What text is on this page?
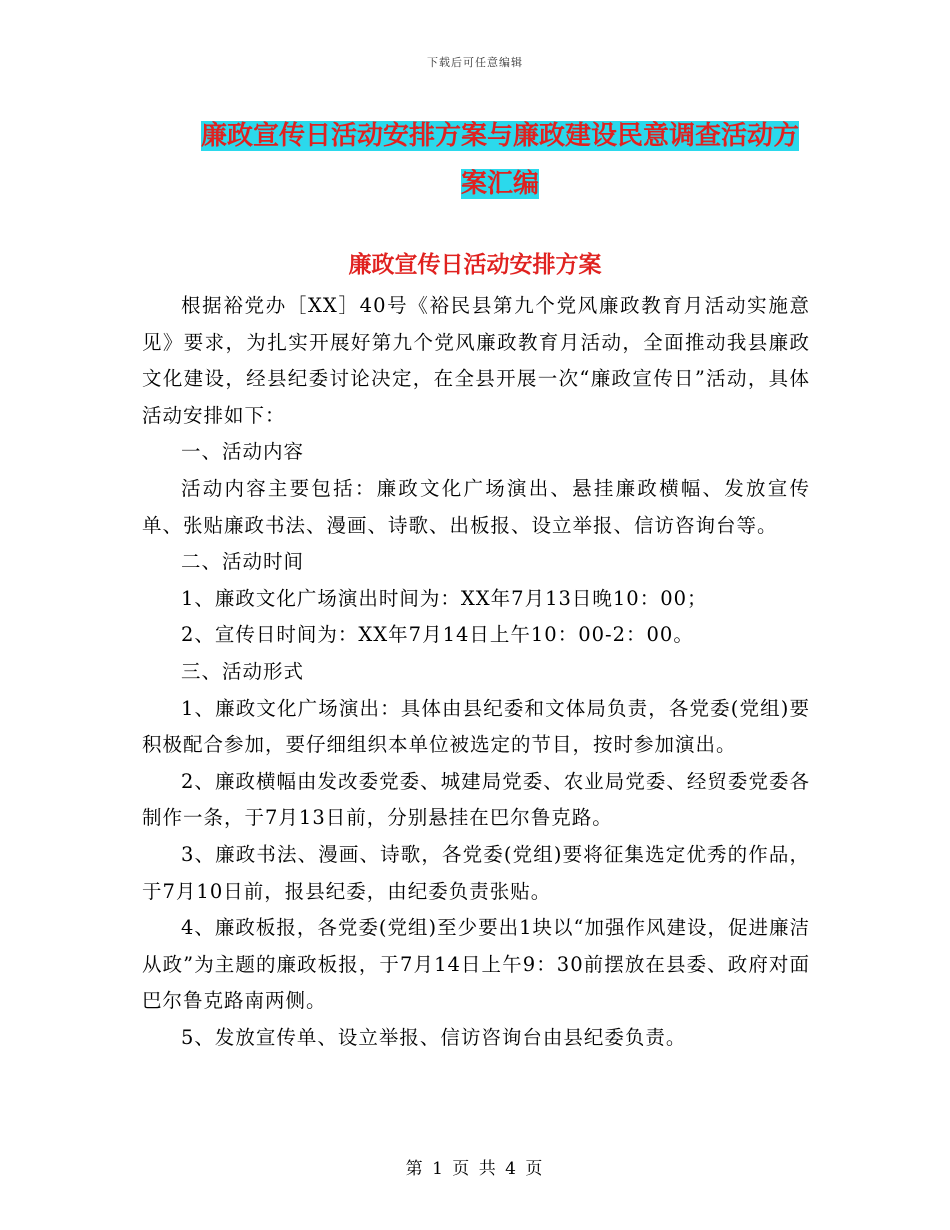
下载后可任意编辑
廉政宣传日活动安排方案与廉政建设民意调查活动方
案汇编
廉政宣传日活动安排方案

根据裕党办［XX］40号《裕民县第九个党风廉政教育月活动实施意见》要求，为扎实开展好第九个党风廉政教育月活动，全面推动我县廉政文化建设，经县纪委讨论决定，在全县开展一次“廉政宣传日”活动，具体活动安排如下：

一、活动内容

活动内容主要包括：廉政文化广场演出、悬挂廉政横幅、发放宣传单、张贴廉政书法、漫画、诗歌、出板报、设立举报、信访咨询台等。

二、活动时间

1、廉政文化广场演出时间为：XX年7月13日晚10：00；

2、宣传日时间为：XX年7月14日上午10：00-2：00。

三、活动形式

1、廉政文化广场演出：具体由县纪委和文体局负责，各党委(党组)要积极配合参加，要仔细组织本单位被选定的节目，按时参加演出。

2、廉政横幅由发改委党委、城建局党委、农业局党委、经贸委党委各制作一条，于7月13日前，分别悬挂在巴尔鲁克路。

3、廉政书法、漫画、诗歌，各党委(党组)要将征集选定优秀的作品，于7月10日前，报县纪委，由纪委负责张贴。

4、廉政板报，各党委(党组)至少要出1块以“加强作风建设，促进廉洁从政”为主题的廉政板报，于7月14日上午9：30前摆放在县委、政府对面巴尔鲁克路南两侧。

5、发放宣传单、设立举报、信访咨询台由县纪委负责。

第 1 页 共 4 页
